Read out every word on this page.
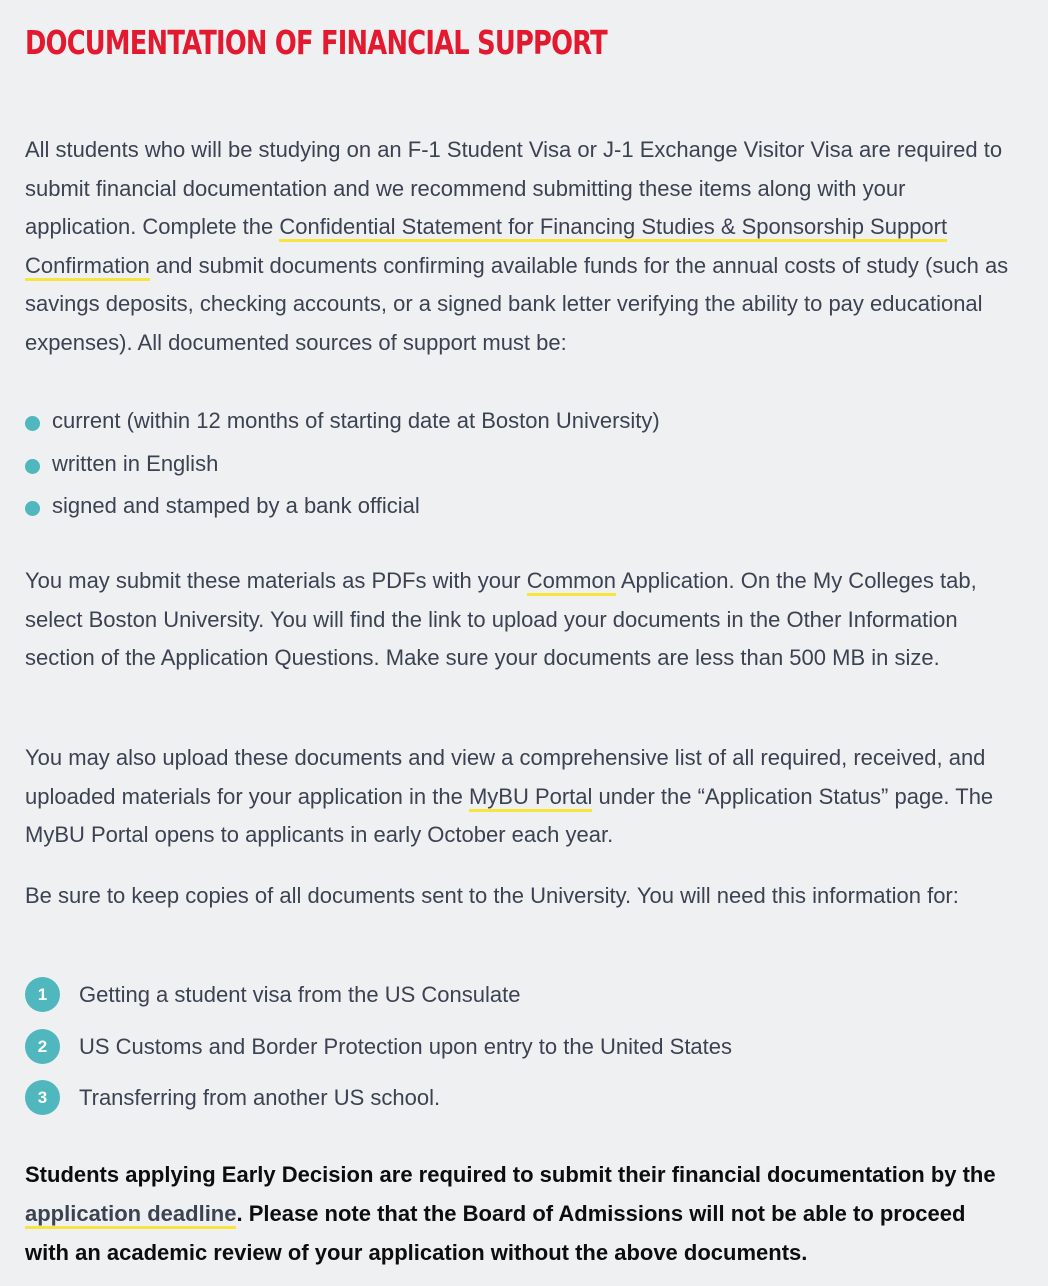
DOCUMENTATION OF FINANCIAL SUPPORT

All students who will be studying on an F-1 Student Visa or J-1 Exchange Visitor Visa are required to submit financial documentation and we recommend submitting these items along with your application. Complete the Confidential Statement for Financing Studies & Sponsorship Support Confirmation and submit documents confirming available funds for the annual costs of study (such as savings deposits, checking accounts, or a signed bank letter verifying the ability to pay educational expenses). All documented sources of support must be:

current (within 12 months of starting date at Boston University)
written in English
signed and stamped by a bank official

You may submit these materials as PDFs with your Common Application. On the My Colleges tab, select Boston University. You will find the link to upload your documents in the Other Information section of the Application Questions. Make sure your documents are less than 500 MB in size.

You may also upload these documents and view a comprehensive list of all required, received, and uploaded materials for your application in the MyBU Portal under the “Application Status” page. The MyBU Portal opens to applicants in early October each year.

Be sure to keep copies of all documents sent to the University. You will need this information for:

1	Getting a student visa from the US Consulate
2	US Customs and Border Protection upon entry to the United States
3	Transferring from another US school.

Students applying Early Decision are required to submit their financial documentation by the application deadline. Please note that the Board of Admissions will not be able to proceed with an academic review of your application without the above documents.
